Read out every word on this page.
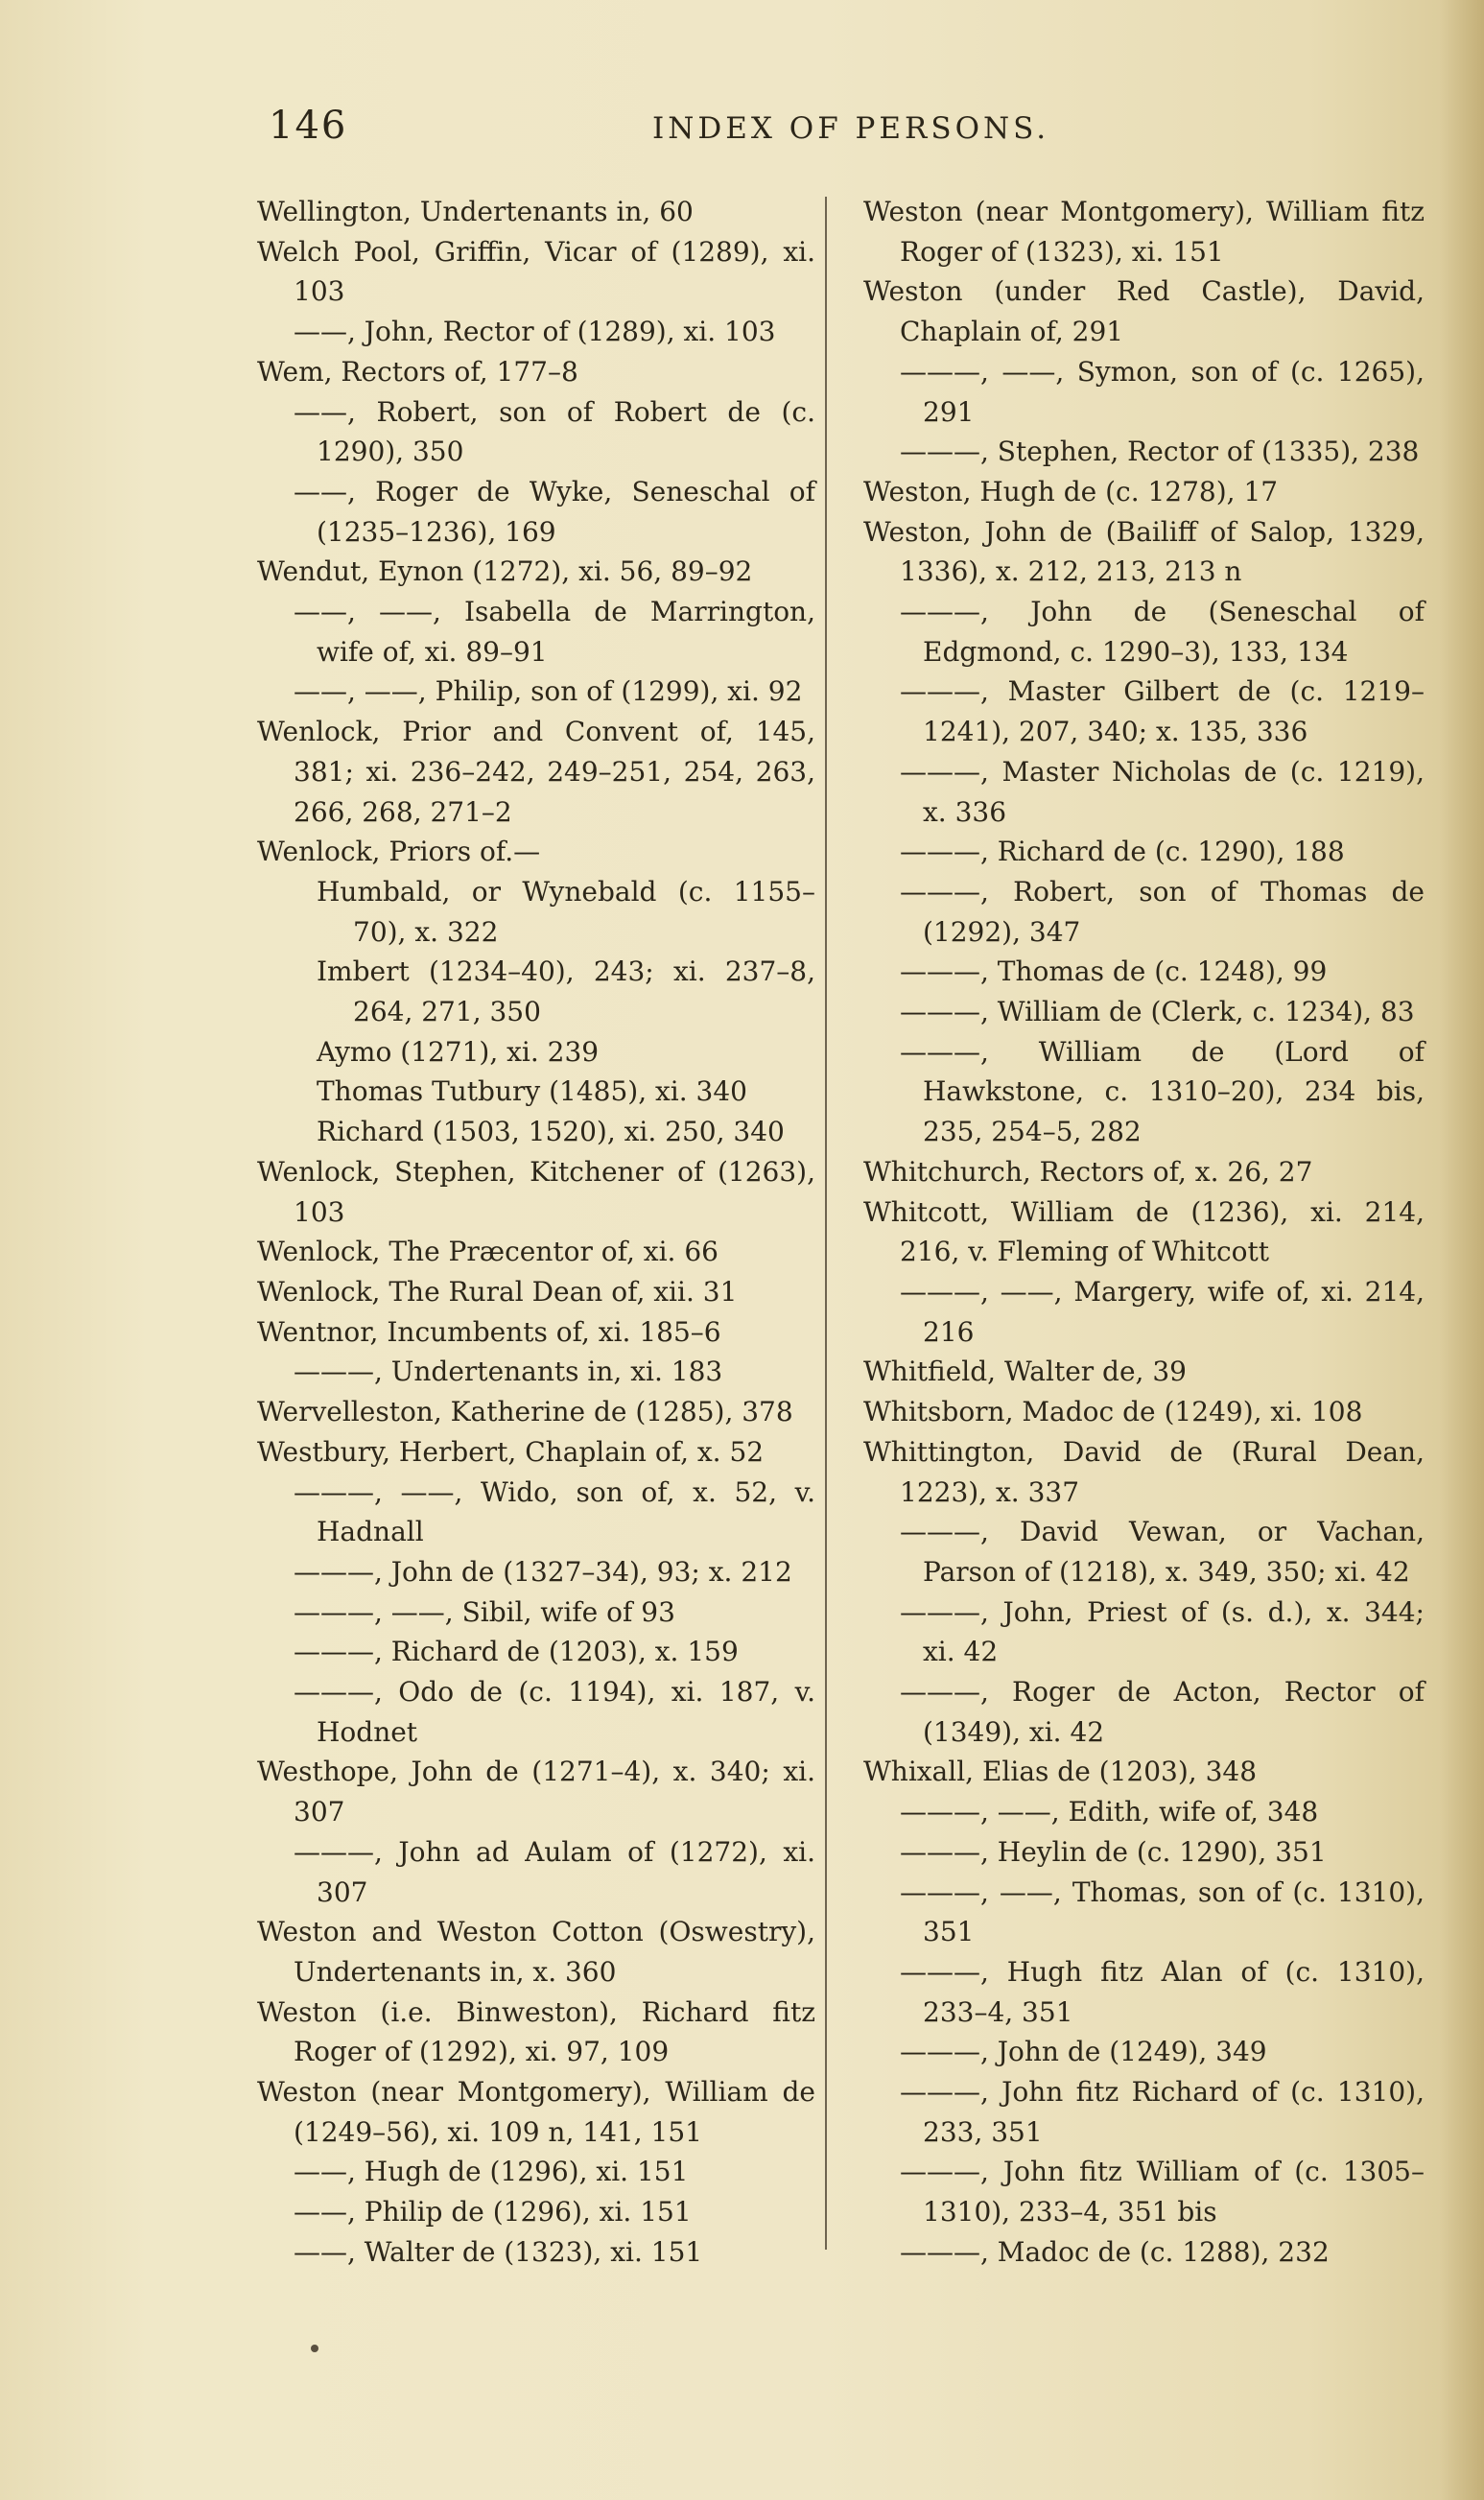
146	INDEX OF PERSONS.
Wellington, Undertenants in, 60
Welch Pool, Griffin, Vicar of (1289), xi. 103
——, John, Rector of (1289), xi. 103
Wem, Rectors of, 177–8
——, Robert, son of Robert de (c. 1290), 350
——, Roger de Wyke, Seneschal of (1235–1236), 169
Wendut, Eynon (1272), xi. 56, 89–92
——, ——, Isabella de Marrington, wife of, xi. 89–91
——, ——, Philip, son of (1299), xi. 92
Wenlock, Prior and Convent of, 145, 381; xi. 236–242, 249–251, 254, 263, 266, 268, 271–2
Wenlock, Priors of.—
Humbald, or Wynebald (c. 1155–70), x. 322
Imbert (1234–40), 243; xi. 237–8, 264, 271, 350
Aymo (1271), xi. 239
Thomas Tutbury (1485), xi. 340
Richard (1503, 1520), xi. 250, 340
Wenlock, Stephen, Kitchener of (1263), 103
Wenlock, The Præcentor of, xi. 66
Wenlock, The Rural Dean of, xii. 31
Wentnor, Incumbents of, xi. 185–6
———, Undertenants in, xi. 183
Wervelleston, Katherine de (1285), 378
Westbury, Herbert, Chaplain of, x. 52
———, ——, Wido, son of, x. 52, v. Hadnall
———, John de (1327–34), 93; x. 212
———, ——, Sibil, wife of 93
———, Richard de (1203), x. 159
———, Odo de (c. 1194), xi. 187, v. Hodnet
Westhope, John de (1271–4), x. 340; xi. 307
———, John ad Aulam of (1272), xi. 307
Weston and Weston Cotton (Oswestry), Undertenants in, x. 360
Weston (i.e. Binweston), Richard fitz Roger of (1292), xi. 97, 109
Weston (near Montgomery), William de (1249–56), xi. 109 n, 141, 151
——, Hugh de (1296), xi. 151
——, Philip de (1296), xi. 151
——, Walter de (1323), xi. 151
Weston (near Montgomery), William fitz Roger of (1323), xi. 151
Weston (under Red Castle), David, Chaplain of, 291
———, ——, Symon, son of (c. 1265), 291
———, Stephen, Rector of (1335), 238
Weston, Hugh de (c. 1278), 17
Weston, John de (Bailiff of Salop, 1329, 1336), x. 212, 213, 213 n
———, John de (Seneschal of Edgmond, c. 1290–3), 133, 134
———, Master Gilbert de (c. 1219–1241), 207, 340; x. 135, 336
———, Master Nicholas de (c. 1219), x. 336
———, Richard de (c. 1290), 188
———, Robert, son of Thomas de (1292), 347
———, Thomas de (c. 1248), 99
———, William de (Clerk, c. 1234), 83
———, William de (Lord of Hawkstone, c. 1310–20), 234 bis, 235, 254–5, 282
Whitchurch, Rectors of, x. 26, 27
Whitcott, William de (1236), xi. 214, 216, v. Fleming of Whitcott
———, ——, Margery, wife of, xi. 214, 216
Whitfield, Walter de, 39
Whitsborn, Madoc de (1249), xi. 108
Whittington, David de (Rural Dean, 1223), x. 337
———, David Vewan, or Vachan, Parson of (1218), x. 349, 350; xi. 42
———, John, Priest of (s. d.), x. 344; xi. 42
———, Roger de Acton, Rector of (1349), xi. 42
Whixall, Elias de (1203), 348
———, ——, Edith, wife of, 348
———, Heylin de (c. 1290), 351
———, ——, Thomas, son of (c. 1310), 351
———, Hugh fitz Alan of (c. 1310), 233–4, 351
———, John de (1249), 349
———, John fitz Richard of (c. 1310), 233, 351
———, John fitz William of (c. 1305–1310), 233–4, 351 bis
———, Madoc de (c. 1288), 232
